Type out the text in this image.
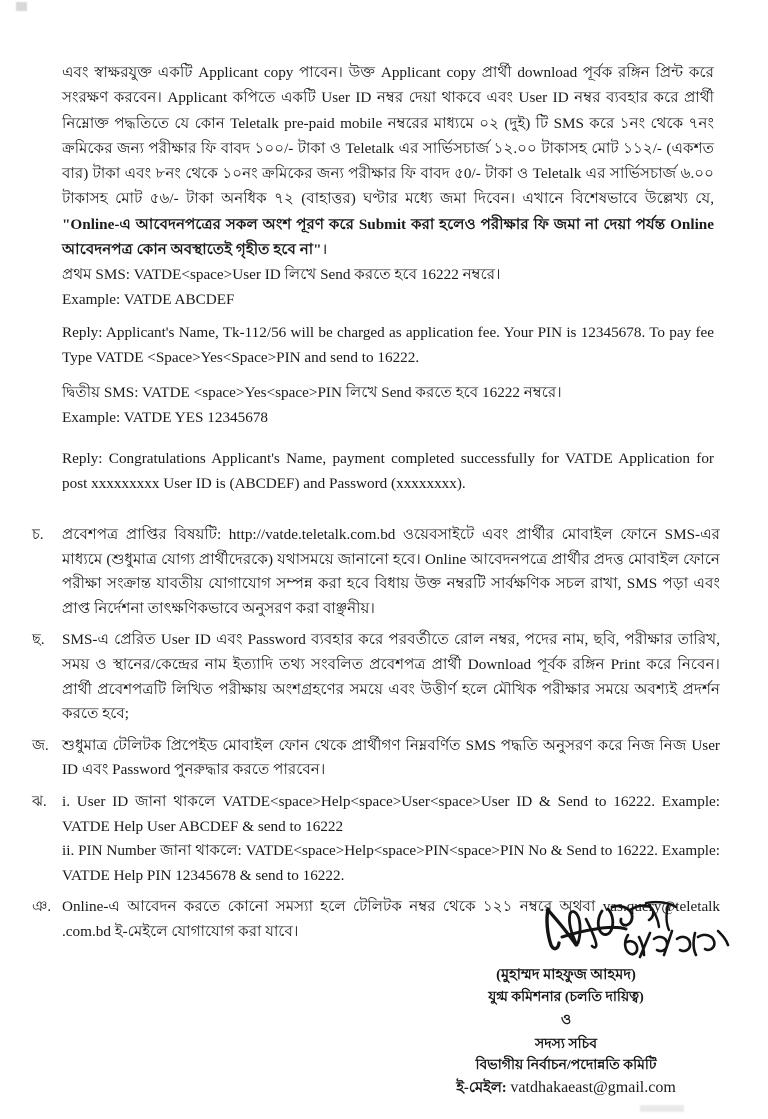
এবং স্বাক্ষরযুক্ত একটি Applicant copy পাবেন। উক্ত Applicant copy প্রার্থী download পূর্বক রঙ্গিন প্রিন্ট করে সংরক্ষণ করবেন। Applicant কপিতে একটি User ID নম্বর দেয়া থাকবে এবং User ID নম্বর ব্যবহার করে প্রার্থী নিম্নোক্ত পদ্ধতিতে যে কোন Teletalk pre-paid mobile নম্বরের মাধ্যমে ০২ (দুই) টি SMS করে ১নং থেকে ৭নং ক্রমিকের জন্য পরীক্ষার ফি বাবদ ১০০/- টাকা ও Teletalk এর সার্ভিসচার্জ ১২.০০ টাকাসহ মোট ১১২/- (একশত বার) টাকা এবং ৮নং থেকে ১০নং ক্রমিকের জন্য পরীক্ষার ফি বাবদ ৫0/- টাকা ও Teletalk এর সার্ভিসচার্জ ৬.০০ টাকাসহ মোট ৫৬/- টাকা অনধিক ৭২ (বাহাত্তর) ঘণ্টার মধ্যে জমা দিবেন। এখানে বিশেষভাবে উল্লেখ্য যে, "Online-এ আবেদনপত্রের সকল অংশ পূরণ করে Submit করা হলেও পরীক্ষার ফি জমা না দেয়া পর্যন্ত Online আবেদনপত্র কোন অবস্থাতেই গৃহীত হবে না"।
প্রথম SMS: VATDE<space>User ID লিখে Send করতে হবে 16222 নম্বরে।
Example: VATDE ABCDEF
Reply: Applicant's Name, Tk-112/56 will be charged as application fee. Your PIN is 12345678. To pay fee Type VATDE <Space>Yes<Space>PIN and send to 16222.
দ্বিতীয় SMS: VATDE <space>Yes<space>PIN লিখে Send করতে হবে 16222 নম্বরে।
Example: VATDE YES 12345678
Reply: Congratulations Applicant's Name, payment completed successfully for VATDE Application for post xxxxxxxxx User ID is (ABCDEF) and Password (xxxxxxxx).
চ.	প্রবেশপত্র প্রাপ্তির বিষয়টি: http://vatde.teletalk.com.bd ওয়েবসাইটে এবং প্রার্থীর মোবাইল ফোনে SMS-এর মাধ্যমে (শুধুমাত্র যোগ্য প্রার্থীদেরকে) যথাসময়ে জানানো হবে। Online আবেদনপত্রে প্রার্থীর প্রদত্ত মোবাইল ফোনে পরীক্ষা সংক্রান্ত যাবতীয় যোগাযোগ সম্পন্ন করা হবে বিধায় উক্ত নম্বরটি সার্বক্ষণিক সচল রাখা, SMS পড়া এবং প্রাপ্ত নির্দেশনা তাৎক্ষণিকভাবে অনুসরণ করা বাঞ্ছনীয়।
ছ.	SMS-এ প্রেরিত User ID এবং Password ব্যবহার করে পরবর্তীতে রোল নম্বর, পদের নাম, ছবি, পরীক্ষার তারিখ, সময় ও স্থানের/কেন্দ্রের নাম ইত্যাদি তথ্য সংবলিত প্রবেশপত্র প্রার্থী Download পূর্বক রঙ্গিন Print করে নিবেন। প্রার্থী প্রবেশপত্রটি লিখিত পরীক্ষায় অংশগ্রহণের সময়ে এবং উত্তীর্ণ হলে মৌখিক পরীক্ষার সময়ে অবশ্যই প্রদর্শন করতে হবে;
জ. শুধুমাত্র টেলিটক প্রিপেইড মোবাইল ফোন থেকে প্রার্থীগণ নিম্নবর্ণিত SMS পদ্ধতি অনুসরণ করে নিজ নিজ User ID এবং Password পুনরুদ্ধার করতে পারবেন।
ঝ.	i. User ID জানা থাকলে VATDE<space>Help<space>User<space>User ID & Send to 16222. Example: VATDE Help User ABCDEF & send to 16222
ii. PIN Number জানা থাকলে: VATDE<space>Help<space>PIN<space>PIN No & Send to 16222. Example: VATDE Help PIN 12345678 & send to 16222.
ঞ. Online-এ আবেদন করতে কোনো সমস্যা হলে টেলিটক নম্বর থেকে ১২১ নম্বরে অথবা vas.query@teletalk .com.bd ই-মেইলে যোগাযোগ করা যাবে।
(মুহাম্মদ মাহফুজ আহমদ)
যুগ্ম কমিশনার (চলতি দায়িত্ব)
ও
সদস্য সচিব
বিভাগীয় নির্বাচন/পদোন্নতি কমিটি
ই-মেইল: vatdhakaeast@gmail.com
